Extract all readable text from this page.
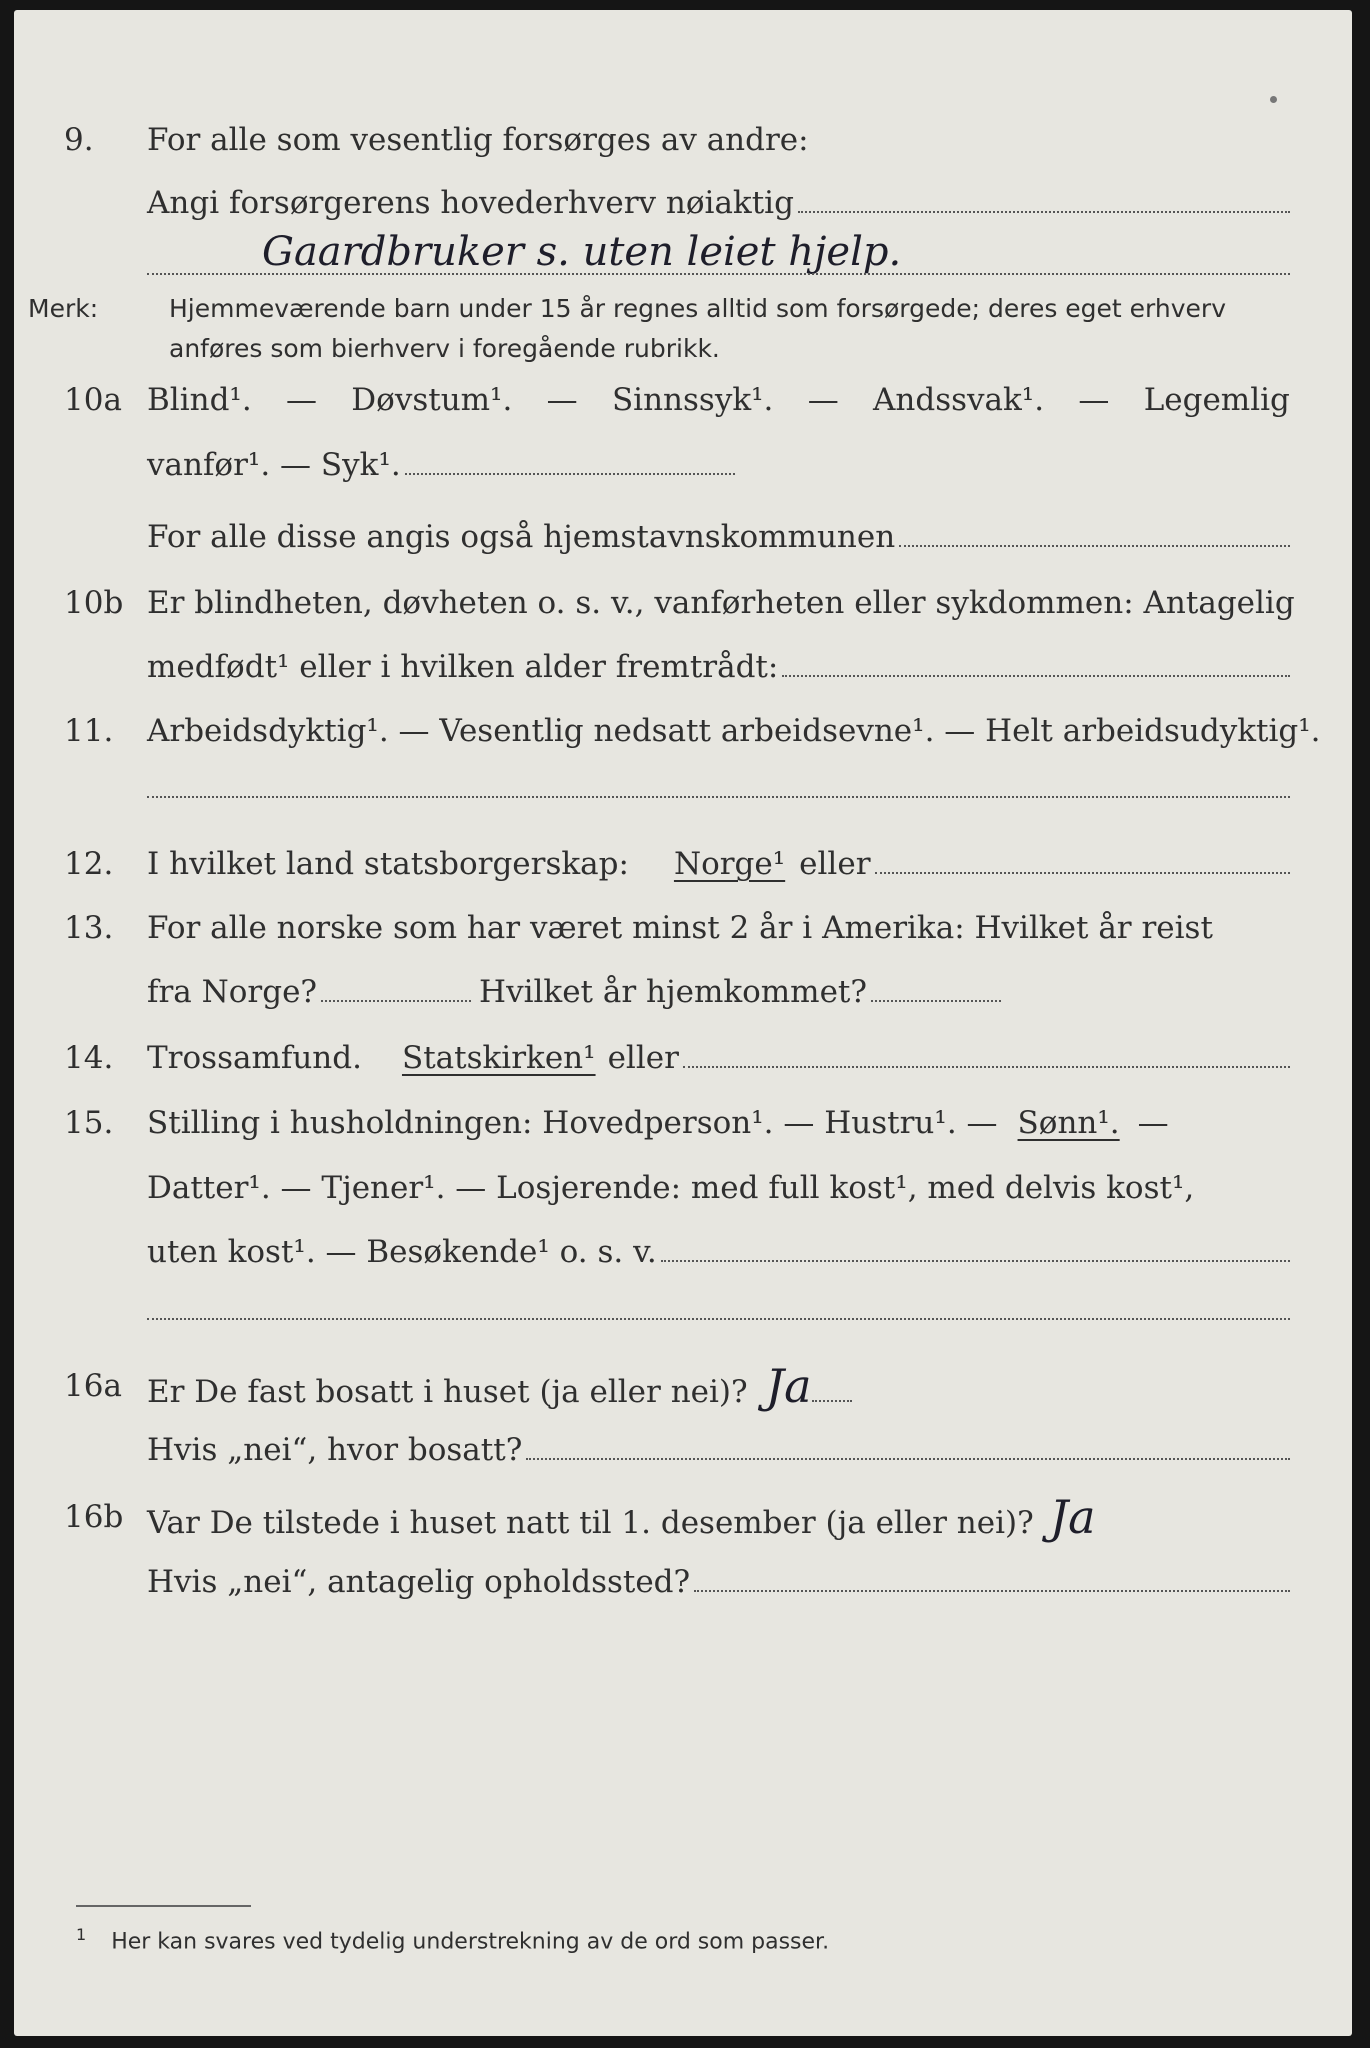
9. For alle som vesentlig forsørges av andre:
Angi forsørgerens hovederhverv nøiaktig
Gaardbruker s. uten leiet hjelp.
Merk:	Hjemmeværende barn under 15 år regnes alltid som forsørgede; deres eget erhverv
anføres som bierhverv i foregående rubrikk.
10a Blind¹. — Døvstum¹. — Sinnssyk¹. — Andssvak¹. — Legemlig
vanfør¹. — Syk¹.
For alle disse angis også hjemstavnskommunen
10b Er blindheten, døvheten o. s. v., vanførheten eller sykdommen: Antagelig
medfødt¹ eller i hvilken alder fremtrådt:
11. Arbeidsdyktig¹. — Vesentlig nedsatt arbeidsevne¹. — Helt arbeidsudyktig¹.
12. I hvilket land statsborgerskap: Norge¹ eller
13. For alle norske som har været minst 2 år i Amerika: Hvilket år reist
fra Norge?	Hvilket år hjemkommet?
14. Trossamfund. Statskirken¹ eller
15. Stilling i husholdningen: Hovedperson¹. — Hustru¹. — Sønn¹. —
Datter¹. — Tjener¹. — Losjerende: med full kost¹, med delvis kost¹,
uten kost¹. — Besøkende¹ o. s. v.
16a Er De fast bosatt i huset (ja eller nei)? Ja
Hvis „nei“, hvor bosatt?
16b Var De tilstede i huset natt til 1. desember (ja eller nei)? Ja
Hvis „nei“, antagelig opholdssted?
$^1$ Her kan svares ved tydelig understrekning av de ord som passer.
